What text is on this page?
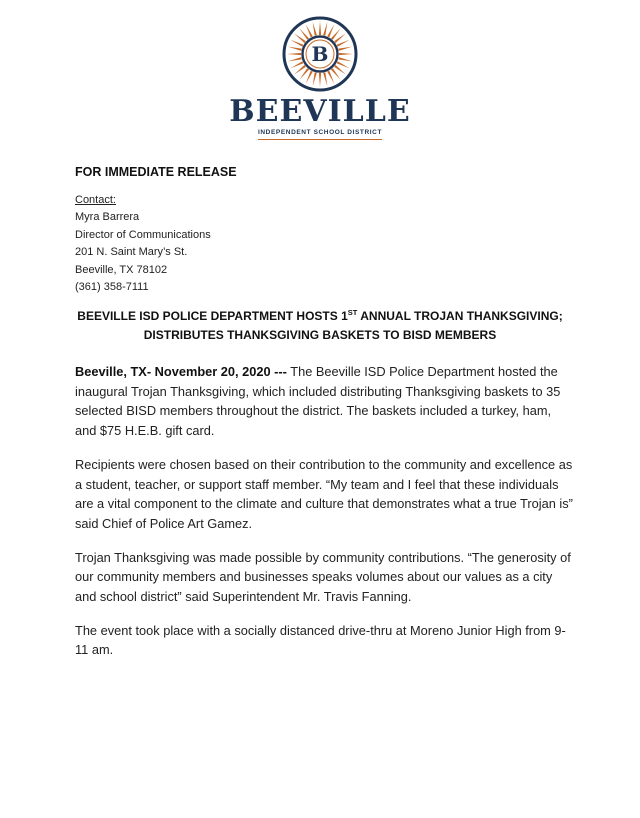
B
BEEVILLE
INDEPENDENT SCHOOL DISTRICT
FOR IMMEDIATE RELEASE
Contact:
Myra Barrera
Director of Communications
201 N. Saint Mary’s St.
Beeville, TX 78102
(361) 358-7111
BEEVILLE ISD POLICE DEPARTMENT HOSTS 1ST ANNUAL TROJAN THANKSGIVING;
DISTRIBUTES THANKSGIVING BASKETS TO BISD MEMBERS

Beeville, TX- November 20, 2020 --- The Beeville ISD Police Department hosted the inaugural Trojan Thanksgiving, which included distributing Thanksgiving baskets to 35 selected BISD members throughout the district. The baskets included a turkey, ham, and $75 H.E.B. gift card.

Recipients were chosen based on their contribution to the community and excellence as a student, teacher, or support staff member. “My team and I feel that these individuals are a vital component to the climate and culture that demonstrates what a true Trojan is” said Chief of Police Art Gamez.

Trojan Thanksgiving was made possible by community contributions. “The generosity of our community members and businesses speaks volumes about our values as a city and school district” said Superintendent Mr. Travis Fanning.

The event took place with a socially distanced drive-thru at Moreno Junior High from 9-11 am.
